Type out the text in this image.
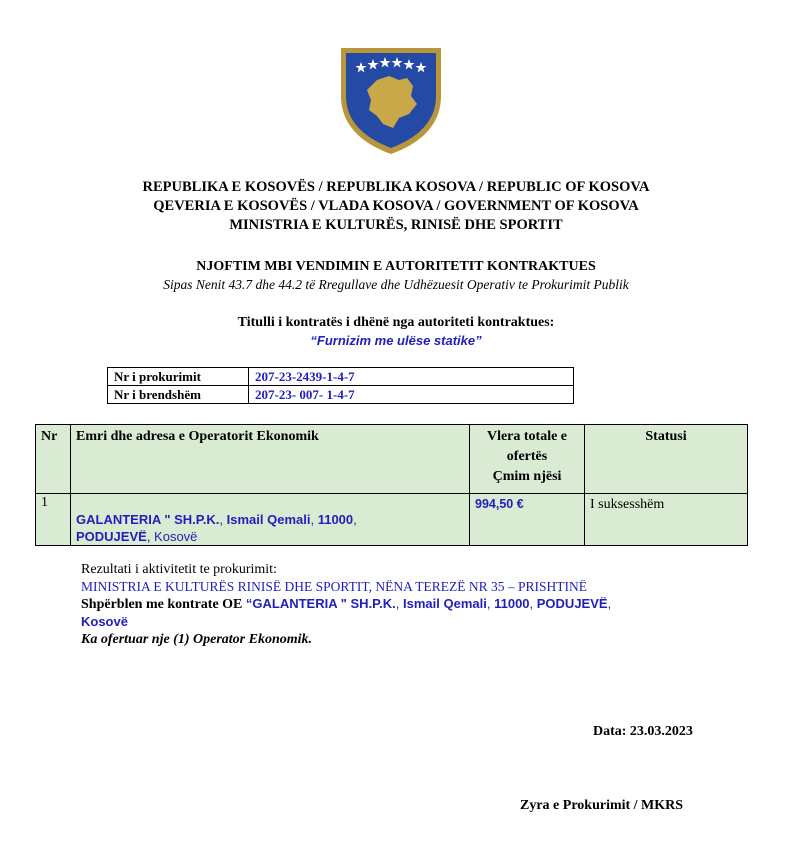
REPUBLIKA E KOSOVËS / REPUBLIKA KOSOVA / REPUBLIC OF KOSOVA
QEVERIA E KOSOVËS / VLADA KOSOVA / GOVERNMENT OF KOSOVA
MINISTRIA E KULTURËS, RINISË DHE SPORTIT
NJOFTIM MBI VENDIMIN E AUTORITETIT KONTRAKTUES
Sipas Nenit 43.7 dhe 44.2 të Rregullave dhe Udhëzuesit Operativ te Prokurimit Publik
Titulli i kontratës i dhënë nga autoriteti kontraktues:
“Furnizim me ulëse statike”
Nr i prokurimit	207-23-2439-1-4-7
Nr i brendshëm	207-23- 007- 1-4-7
Nr	Emri dhe adresa e Operatorit Ekonomik	Vlera totale e
ofertës
Çmim njësi	Statusi
1	GALANTERIA " SH.P.K., Ismail Qemali, 11000,
PODUJEVË, Kosovë	994,50 €	I suksesshëm
Rezultati i aktivitetit te prokurimit:
MINISTRIA E KULTURËS RINISË DHE SPORTIT, NËNA TEREZË NR 35 – PRISHTINË
Shpërblen me kontrate OE “GALANTERIA " SH.P.K., Ismail Qemali, 11000, PODUJEVË,
Kosovë
Ka ofertuar nje (1) Operator Ekonomik.
Data: 23.03.2023
Zyra e Prokurimit / MKRS
